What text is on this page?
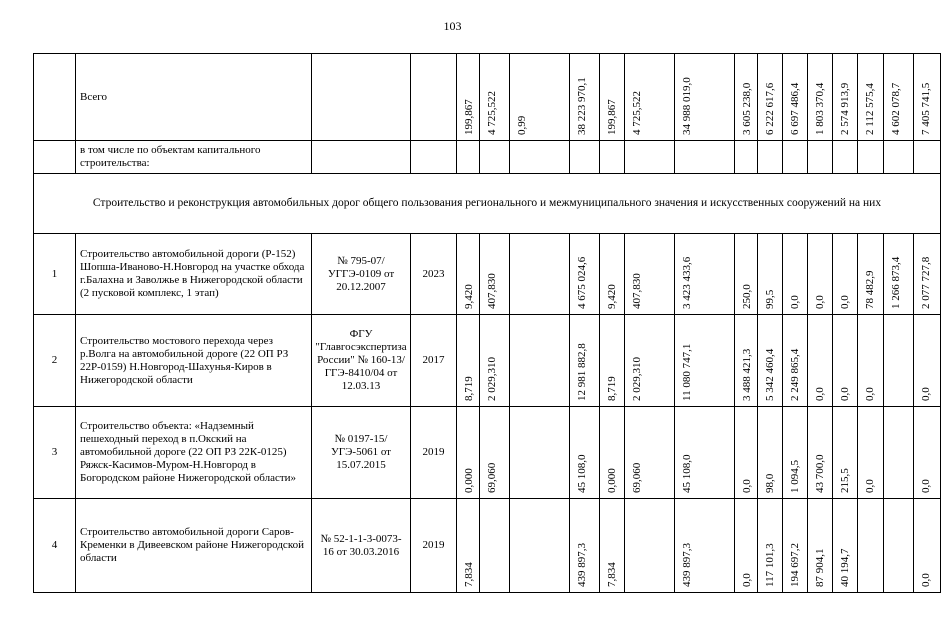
103
	Всего			199,867	4 725,522	0,99	38 223 970,1	199,867	4 725,522	34 988 019,0	3 605 238,0	6 222 617,6	6 697 486,4	1 803 370,4	2 574 913,9	2 112 575,4	4 602 078,7	7 405 741,5

	в том числе по объектам капитального строительства:																	
Строительство и реконструкция автомобильных дорог общего пользования регионального и межмуниципального значения и искусственных сооружений на них																		
1	Строительство автомобильной дороги (Р-152) Шопша-Иваново-Н.Новгород на участке обхода г.Балахна и Заволжье в Нижегородской области (2 пусковой комплекс, 1 этап)	№ 795-07/УГГЭ-0109 от 20.12.2007	2023	9,420	407,830		4 675 024,6	9,420	407,830	3 423 433,6	250,0	99,5	0,0	0,0	0,0	78 482,9	1 266 873,4	2 077 727,8

2	Строительство мостового перехода через р.Волга на автомобильной дороге (22 ОП РЗ 22Р-0159) Н.Новгород-Шахунья-Киров в Нижегородской области	ФГУ "Главгосэкспертиза России" № 160-13/ГГЭ-8410/04 от 12.03.13	2017	8,719	2 029,310		12 981 882,8	8,719	2 029,310	11 080 747,1	3 488 421,3	5 342 460,4	2 249 865,4	0,0	0,0	0,0		0,0

3	Строительство объекта: «Надземный пешеходный переход в п.Окский на автомобильной дороге (22 ОП РЗ 22К-0125) Ряжск-Касимов-Муром-Н.Новгород в Богородском районе Нижегородской области»	№ 0197-15/УГЭ-5061 от 15.07.2015	2019	0,000	69,060		45 108,0	0,000	69,060	45 108,0	0,0	98,0	1 094,5	43 700,0	215,5	0,0		0,0

4	Строительство автомобильной дороги Саров-Кременки в Дивеевском районе Нижегородской области	№ 52-1-1-3-0073-16 от 30.03.2016	2019	7,834			439 897,3	7,834		439 897,3	0,0	117 101,3	194 697,2	87 904,1	40 194,7			0,0
